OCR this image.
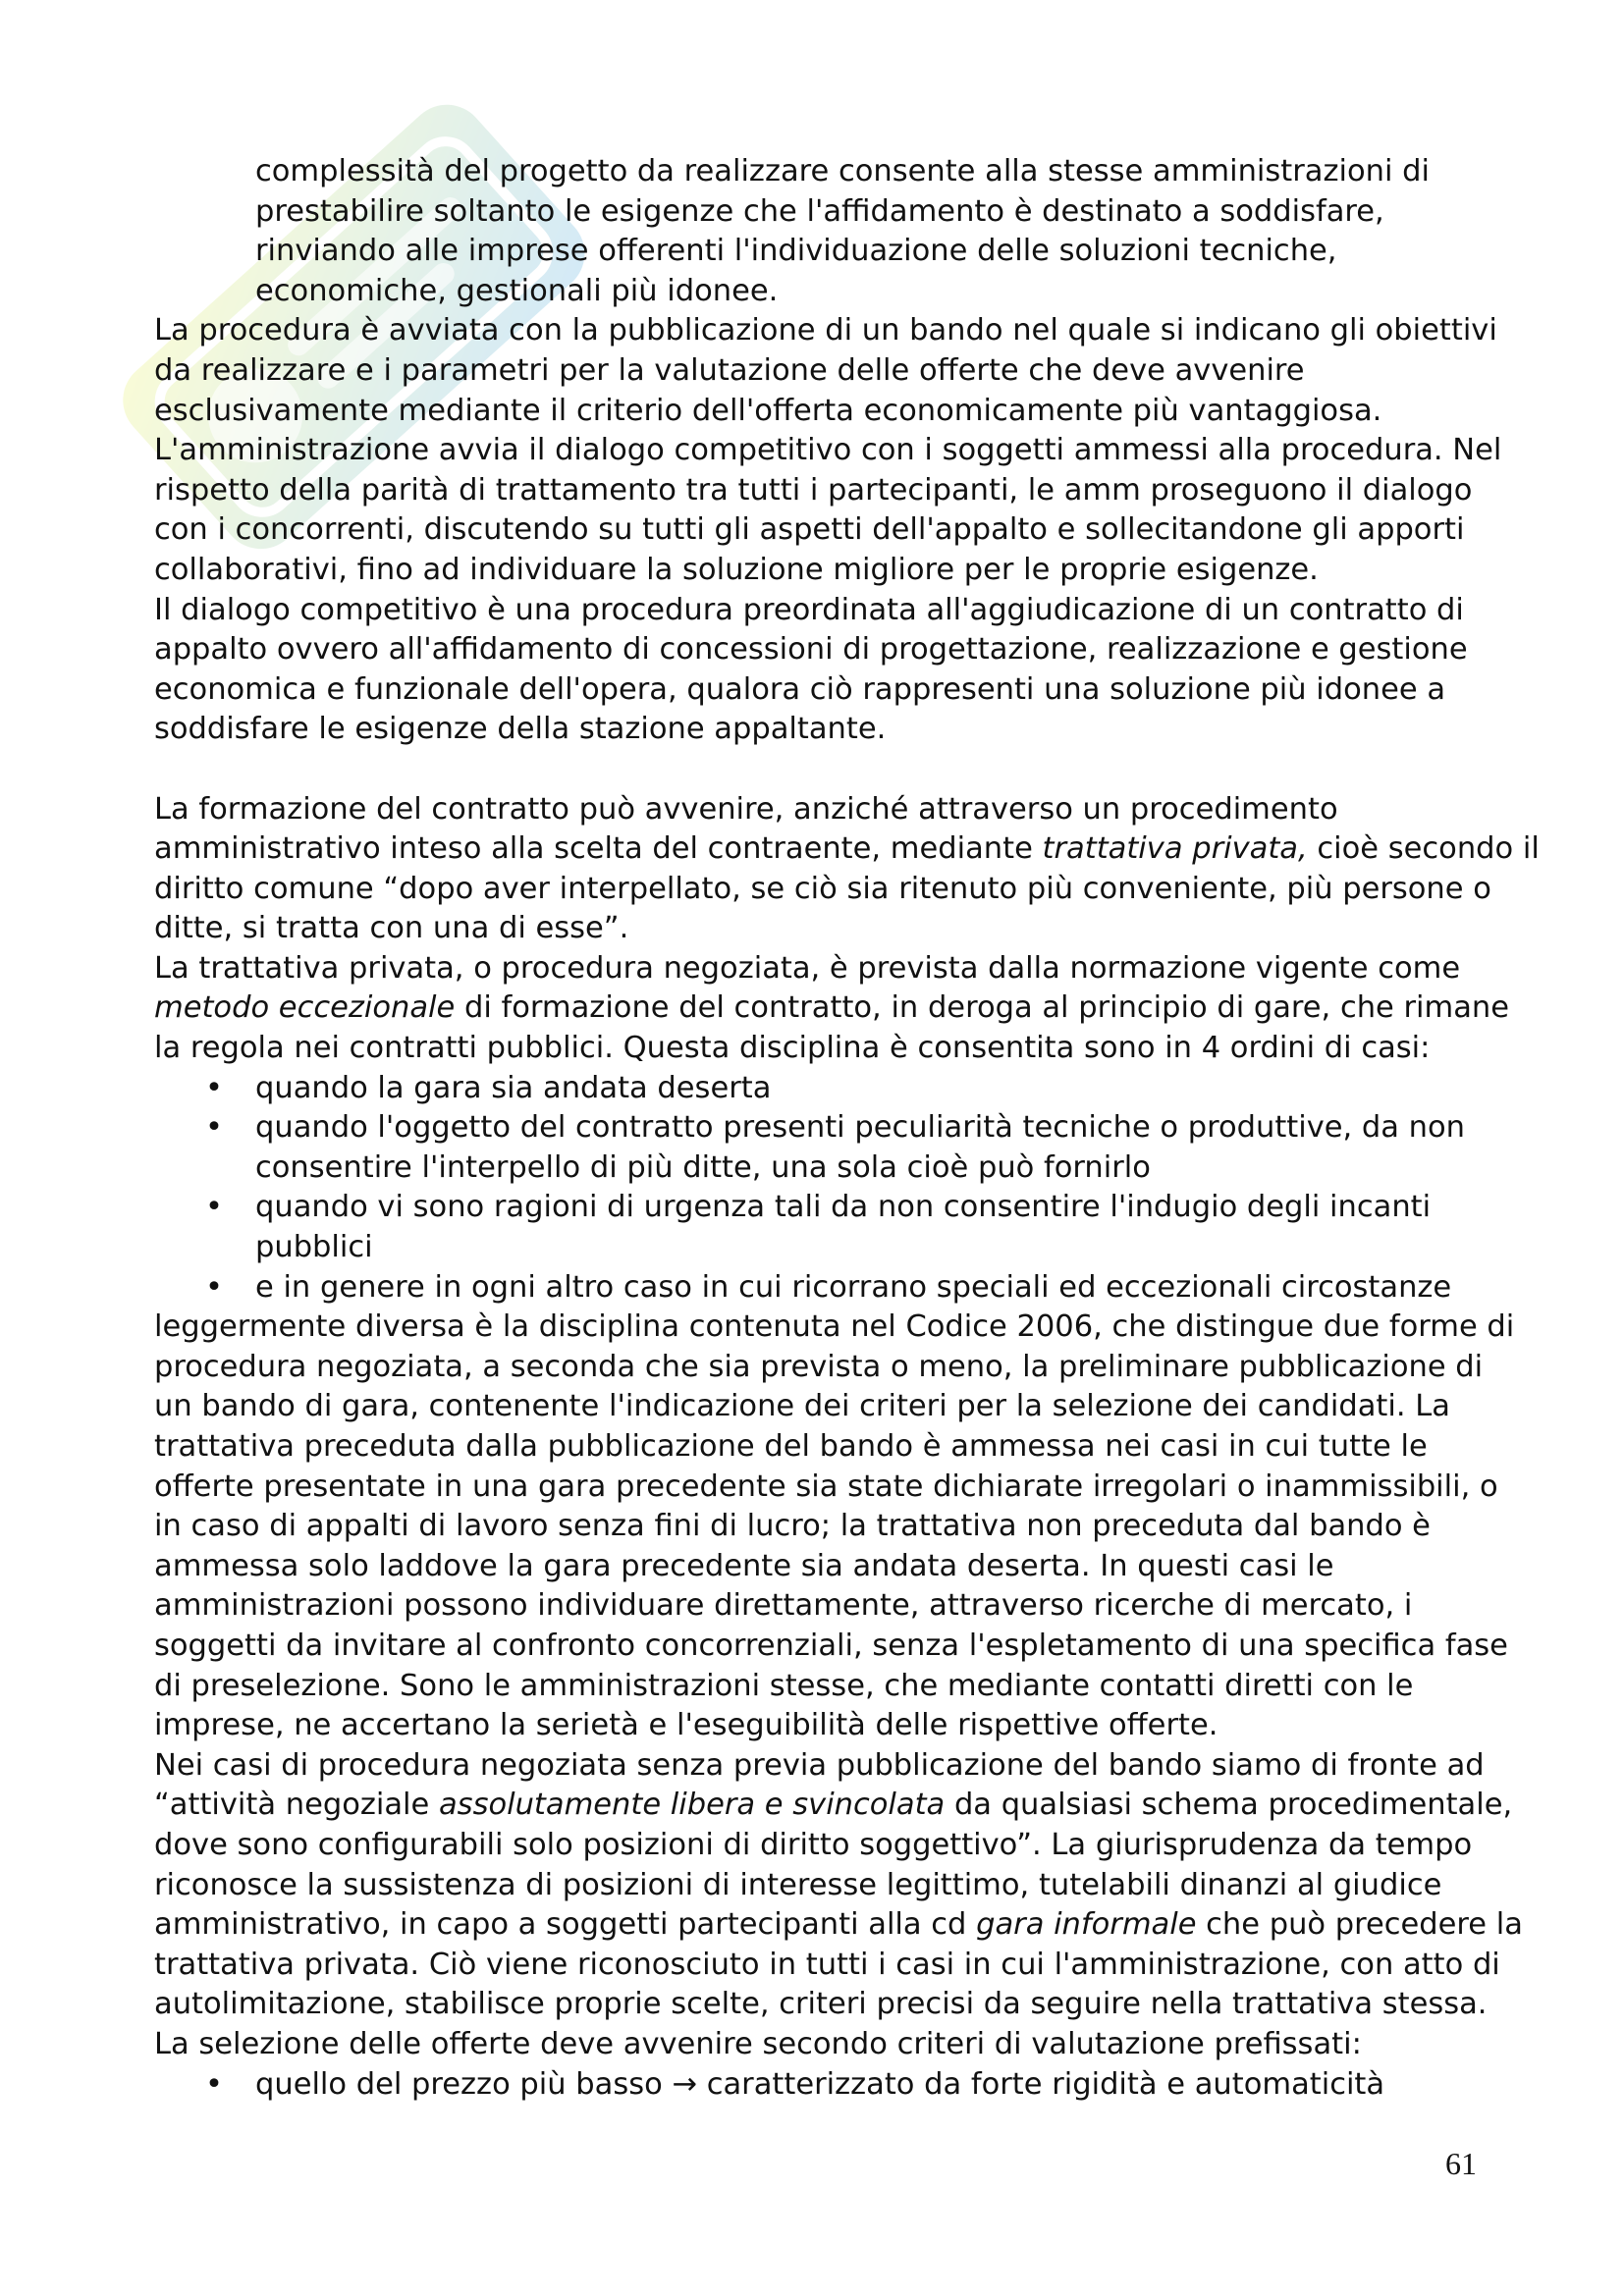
complessità del progetto da realizzare consente alla stesse amministrazioni di

prestabilire soltanto le esigenze che l'affidamento è destinato a soddisfare,

rinviando alle imprese offerenti l'individuazione delle soluzioni tecniche,

economiche, gestionali più idonee.

La procedura è avviata con la pubblicazione di un bando nel quale si indicano gli obiettivi

da realizzare e i parametri per la valutazione delle offerte che deve avvenire

esclusivamente mediante il criterio dell'offerta economicamente più vantaggiosa.

L'amministrazione avvia il dialogo competitivo con i soggetti ammessi alla procedura. Nel

rispetto della parità di trattamento tra tutti i partecipanti, le amm proseguono il dialogo

con i concorrenti, discutendo su tutti gli aspetti dell'appalto e sollecitandone gli apporti

collaborativi, fino ad individuare la soluzione migliore per le proprie esigenze.

Il dialogo competitivo è una procedura preordinata all'aggiudicazione di un contratto di

appalto ovvero all'affidamento di concessioni di progettazione, realizzazione e gestione

economica e funzionale dell'opera, qualora ciò rappresenti una soluzione più idonee a

soddisfare le esigenze della stazione appaltante.

La formazione del contratto può avvenire, anziché attraverso un procedimento

amministrativo inteso alla scelta del contraente, mediante trattativa privata, cioè secondo il

diritto comune “dopo aver interpellato, se ciò sia ritenuto più conveniente, più persone o

ditte, si tratta con una di esse”.

La trattativa privata, o procedura negoziata, è prevista dalla normazione vigente come

metodo eccezionale di formazione del contratto, in deroga al principio di gare, che rimane

la regola nei contratti pubblici. Questa disciplina è consentita sono in 4 ordini di casi:

• quando la gara sia andata deserta

• quando l'oggetto del contratto presenti peculiarità tecniche o produttive, da non

consentire l'interpello di più ditte, una sola cioè può fornirlo

• quando vi sono ragioni di urgenza tali da non consentire l'indugio degli incanti

pubblici

• e in genere in ogni altro caso in cui ricorrano speciali ed eccezionali circostanze

leggermente diversa è la disciplina contenuta nel Codice 2006, che distingue due forme di

procedura negoziata, a seconda che sia prevista o meno, la preliminare pubblicazione di

un bando di gara, contenente l'indicazione dei criteri per la selezione dei candidati. La

trattativa preceduta dalla pubblicazione del bando è ammessa nei casi in cui tutte le

offerte presentate in una gara precedente sia state dichiarate irregolari o inammissibili, o

in caso di appalti di lavoro senza fini di lucro; la trattativa non preceduta dal bando è

ammessa solo laddove la gara precedente sia andata deserta. In questi casi le

amministrazioni possono individuare direttamente, attraverso ricerche di mercato, i

soggetti da invitare al confronto concorrenziali, senza l'espletamento di una specifica fase

di preselezione. Sono le amministrazioni stesse, che mediante contatti diretti con le

imprese, ne accertano la serietà e l'eseguibilità delle rispettive offerte.

Nei casi di procedura negoziata senza previa pubblicazione del bando siamo di fronte ad

“attività negoziale assolutamente libera e svincolata da qualsiasi schema procedimentale,

dove sono configurabili solo posizioni di diritto soggettivo”. La giurisprudenza da tempo

riconosce la sussistenza di posizioni di interesse legittimo, tutelabili dinanzi al giudice

amministrativo, in capo a soggetti partecipanti alla cd gara informale che può precedere la

trattativa privata. Ciò viene riconosciuto in tutti i casi in cui l'amministrazione, con atto di

autolimitazione, stabilisce proprie scelte, criteri precisi da seguire nella trattativa stessa.

La selezione delle offerte deve avvenire secondo criteri di valutazione prefissati:

• quello del prezzo più basso → caratterizzato da forte rigidità e automaticità

61
